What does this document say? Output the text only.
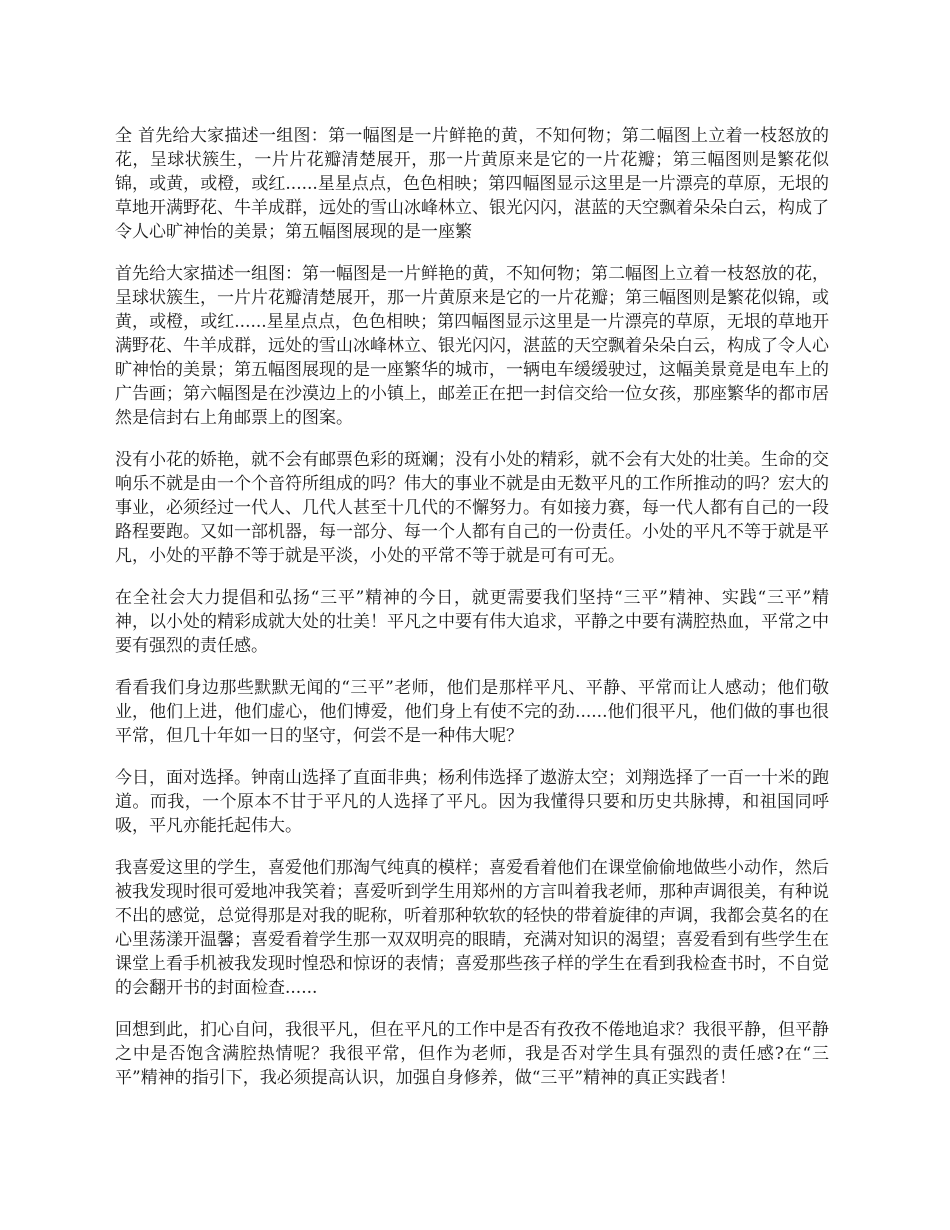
全 首先给大家描述一组图：第一幅图是一片鲜艳的黄，不知何物；第二幅图上立着一枝怒放的花，呈球状簇生，一片片花瓣清楚展开，那一片黄原来是它的一片花瓣；第三幅图则是繁花似锦，或黄，或橙，或红......星星点点，色色相映；第四幅图显示这里是一片漂亮的草原，无垠的草地开满野花、牛羊成群，远处的雪山冰峰林立、银光闪闪，湛蓝的天空飘着朵朵白云，构成了令人心旷神怡的美景；第五幅图展现的是一座繁

首先给大家描述一组图：第一幅图是一片鲜艳的黄，不知何物；第二幅图上立着一枝怒放的花，呈球状簇生，一片片花瓣清楚展开，那一片黄原来是它的一片花瓣；第三幅图则是繁花似锦，或黄，或橙，或红......星星点点，色色相映；第四幅图显示这里是一片漂亮的草原，无垠的草地开满野花、牛羊成群，远处的雪山冰峰林立、银光闪闪，湛蓝的天空飘着朵朵白云，构成了令人心旷神怡的美景；第五幅图展现的是一座繁华的城市，一辆电车缓缓驶过，这幅美景竟是电车上的广告画；第六幅图是在沙漠边上的小镇上，邮差正在把一封信交给一位女孩，那座繁华的都市居然是信封右上角邮票上的图案。

没有小花的娇艳，就不会有邮票色彩的斑斓；没有小处的精彩，就不会有大处的壮美。生命的交响乐不就是由一个个音符所组成的吗？伟大的事业不就是由无数平凡的工作所推动的吗？宏大的事业，必须经过一代人、几代人甚至十几代的不懈努力。有如接力赛，每一代人都有自己的一段路程要跑。又如一部机器，每一部分、每一个人都有自己的一份责任。小处的平凡不等于就是平凡，小处的平静不等于就是平淡，小处的平常不等于就是可有可无。

在全社会大力提倡和弘扬“三平”精神的今日，就更需要我们坚持“三平”精神、实践“三平”精神，以小处的精彩成就大处的壮美！平凡之中要有伟大追求，平静之中要有满腔热血，平常之中要有强烈的责任感。

看看我们身边那些默默无闻的“三平”老师，他们是那样平凡、平静、平常而让人感动；他们敬业，他们上进，他们虚心，他们博爱，他们身上有使不完的劲......他们很平凡，他们做的事也很平常，但几十年如一日的坚守，何尝不是一种伟大呢？

今日，面对选择。钟南山选择了直面非典；杨利伟选择了遨游太空；刘翔选择了一百一十米的跑道。而我，一个原本不甘于平凡的人选择了平凡。因为我懂得只要和历史共脉搏，和祖国同呼吸，平凡亦能托起伟大。

我喜爱这里的学生，喜爱他们那淘气纯真的模样；喜爱看着他们在课堂偷偷地做些小动作，然后被我发现时很可爱地冲我笑着；喜爱听到学生用郑州的方言叫着我老师，那种声调很美，有种说不出的感觉，总觉得那是对我的昵称，听着那种软软的轻快的带着旋律的声调，我都会莫名的在心里荡漾开温馨；喜爱看着学生那一双双明亮的眼睛，充满对知识的渴望；喜爱看到有些学生在课堂上看手机被我发现时惶恐和惊讶的表情；喜爱那些孩子样的学生在看到我检查书时，不自觉的会翻开书的封面检查......

回想到此，扪心自问，我很平凡，但在平凡的工作中是否有孜孜不倦地追求？我很平静，但平静之中是否饱含满腔热情呢？我很平常，但作为老师，我是否对学生具有强烈的责任感?在“三平”精神的指引下，我必须提高认识，加强自身修养，做“三平”精神的真正实践者！
